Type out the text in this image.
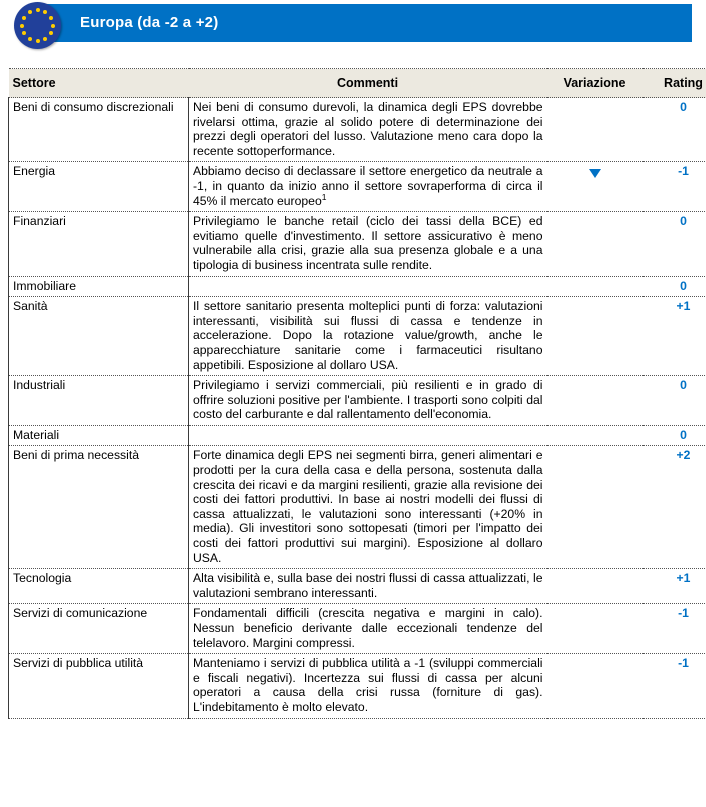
Europa (da -2 a +2)
Settore	Commenti	Variazione	Rating
Beni di consumo discrezionali	Nei beni di consumo durevoli, la dinamica degli EPS dovrebbe rivelarsi ottima, grazie al solido potere di determinazione dei prezzi degli operatori del lusso. Valutazione meno cara dopo la recente sottoperformance.		0
Energia	Abbiamo deciso di declassare il settore energetico da neutrale a -1, in quanto da inizio anno il settore sovraperforma di circa il 45% il mercato europeo$^1$		-1
Finanziari	Privilegiamo le banche retail (ciclo dei tassi della BCE) ed evitiamo quelle d'investimento. Il settore assicurativo è meno vulnerabile alla crisi, grazie alla sua presenza globale e a una tipologia di business incentrata sulle rendite.		0
Immobiliare			0
Sanità	Il settore sanitario presenta molteplici punti di forza: valutazioni interessanti, visibilità sui flussi di cassa e tendenze in accelerazione. Dopo la rotazione value/growth, anche le apparecchiature sanitarie come i farmaceutici risultano appetibili. Esposizione al dollaro USA.		+1
Industriali	Privilegiamo i servizi commerciali, più resilienti e in grado di offrire soluzioni positive per l'ambiente. I trasporti sono colpiti dal costo del carburante e dal rallentamento dell'economia.		0
Materiali			0
Beni di prima necessità	Forte dinamica degli EPS nei segmenti birra, generi alimentari e prodotti per la cura della casa e della persona, sostenuta dalla crescita dei ricavi e da margini resilienti, grazie alla revisione dei costi dei fattori produttivi. In base ai nostri modelli dei flussi di cassa attualizzati, le valutazioni sono interessanti (+20% in media). Gli investitori sono sottopesati (timori per l'impatto dei costi dei fattori produttivi sui margini). Esposizione al dollaro USA.		+2
Tecnologia	Alta visibilità e, sulla base dei nostri flussi di cassa attualizzati, le valutazioni sembrano interessanti.		+1
Servizi di comunicazione	Fondamentali difficili (crescita negativa e margini in calo). Nessun beneficio derivante dalle eccezionali tendenze del telelavoro. Margini compressi.		-1
Servizi di pubblica utilità	Manteniamo i servizi di pubblica utilità a -1 (sviluppi commerciali e fiscali negativi). Incertezza sui flussi di cassa per alcuni operatori a causa della crisi russa (forniture di gas). L'indebitamento è molto elevato.		-1
